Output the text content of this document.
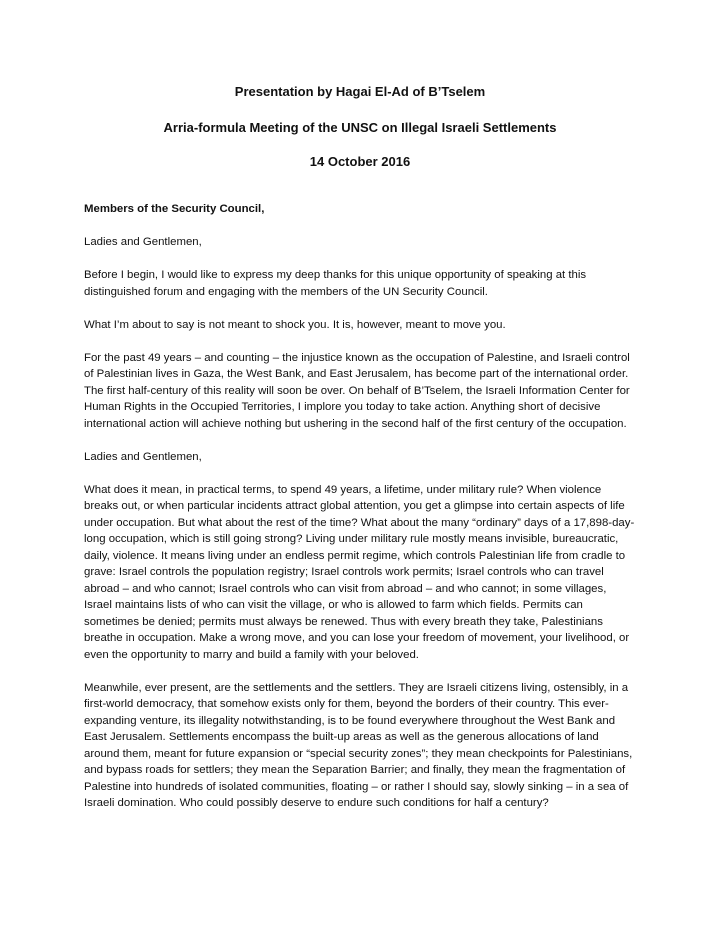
Presentation by Hagai El-Ad of B’Tselem

Arria-formula Meeting of the UNSC on Illegal Israeli Settlements

14 October 2016

Members of the Security Council,

Ladies and Gentlemen,

Before I begin, I would like to express my deep thanks for this unique opportunity of speaking at this distinguished forum and engaging with the members of the UN Security Council.

What I’m about to say is not meant to shock you. It is, however, meant to move you.

For the past 49 years – and counting – the injustice known as the occupation of Palestine, and Israeli control of Palestinian lives in Gaza, the West Bank, and East Jerusalem, has become part of the international order. The first half-century of this reality will soon be over. On behalf of B’Tselem, the Israeli Information Center for Human Rights in the Occupied Territories, I implore you today to take action. Anything short of decisive international action will achieve nothing but ushering in the second half of the first century of the occupation.

Ladies and Gentlemen,

What does it mean, in practical terms, to spend 49 years, a lifetime, under military rule? When violence breaks out, or when particular incidents attract global attention, you get a glimpse into certain aspects of life under occupation. But what about the rest of the time? What about the many “ordinary” days of a 17,898-day-long occupation, which is still going strong? Living under military rule mostly means invisible, bureaucratic, daily, violence. It means living under an endless permit regime, which controls Palestinian life from cradle to grave: Israel controls the population registry; Israel controls work permits; Israel controls who can travel abroad – and who cannot; Israel controls who can visit from abroad – and who cannot; in some villages, Israel maintains lists of who can visit the village, or who is allowed to farm which fields. Permits can sometimes be denied; permits must always be renewed. Thus with every breath they take, Palestinians breathe in occupation. Make a wrong move, and you can lose your freedom of movement, your livelihood, or even the opportunity to marry and build a family with your beloved.

Meanwhile, ever present, are the settlements and the settlers. They are Israeli citizens living, ostensibly, in a first-world democracy, that somehow exists only for them, beyond the borders of their country. This ever-expanding venture, its illegality notwithstanding, is to be found everywhere throughout the West Bank and East Jerusalem. Settlements encompass the built-up areas as well as the generous allocations of land around them, meant for future expansion or “special security zones”; they mean checkpoints for Palestinians, and bypass roads for settlers; they mean the Separation Barrier; and finally, they mean the fragmentation of Palestine into hundreds of isolated communities, floating – or rather I should say, slowly sinking – in a sea of Israeli domination. Who could possibly deserve to endure such conditions for half a century?
